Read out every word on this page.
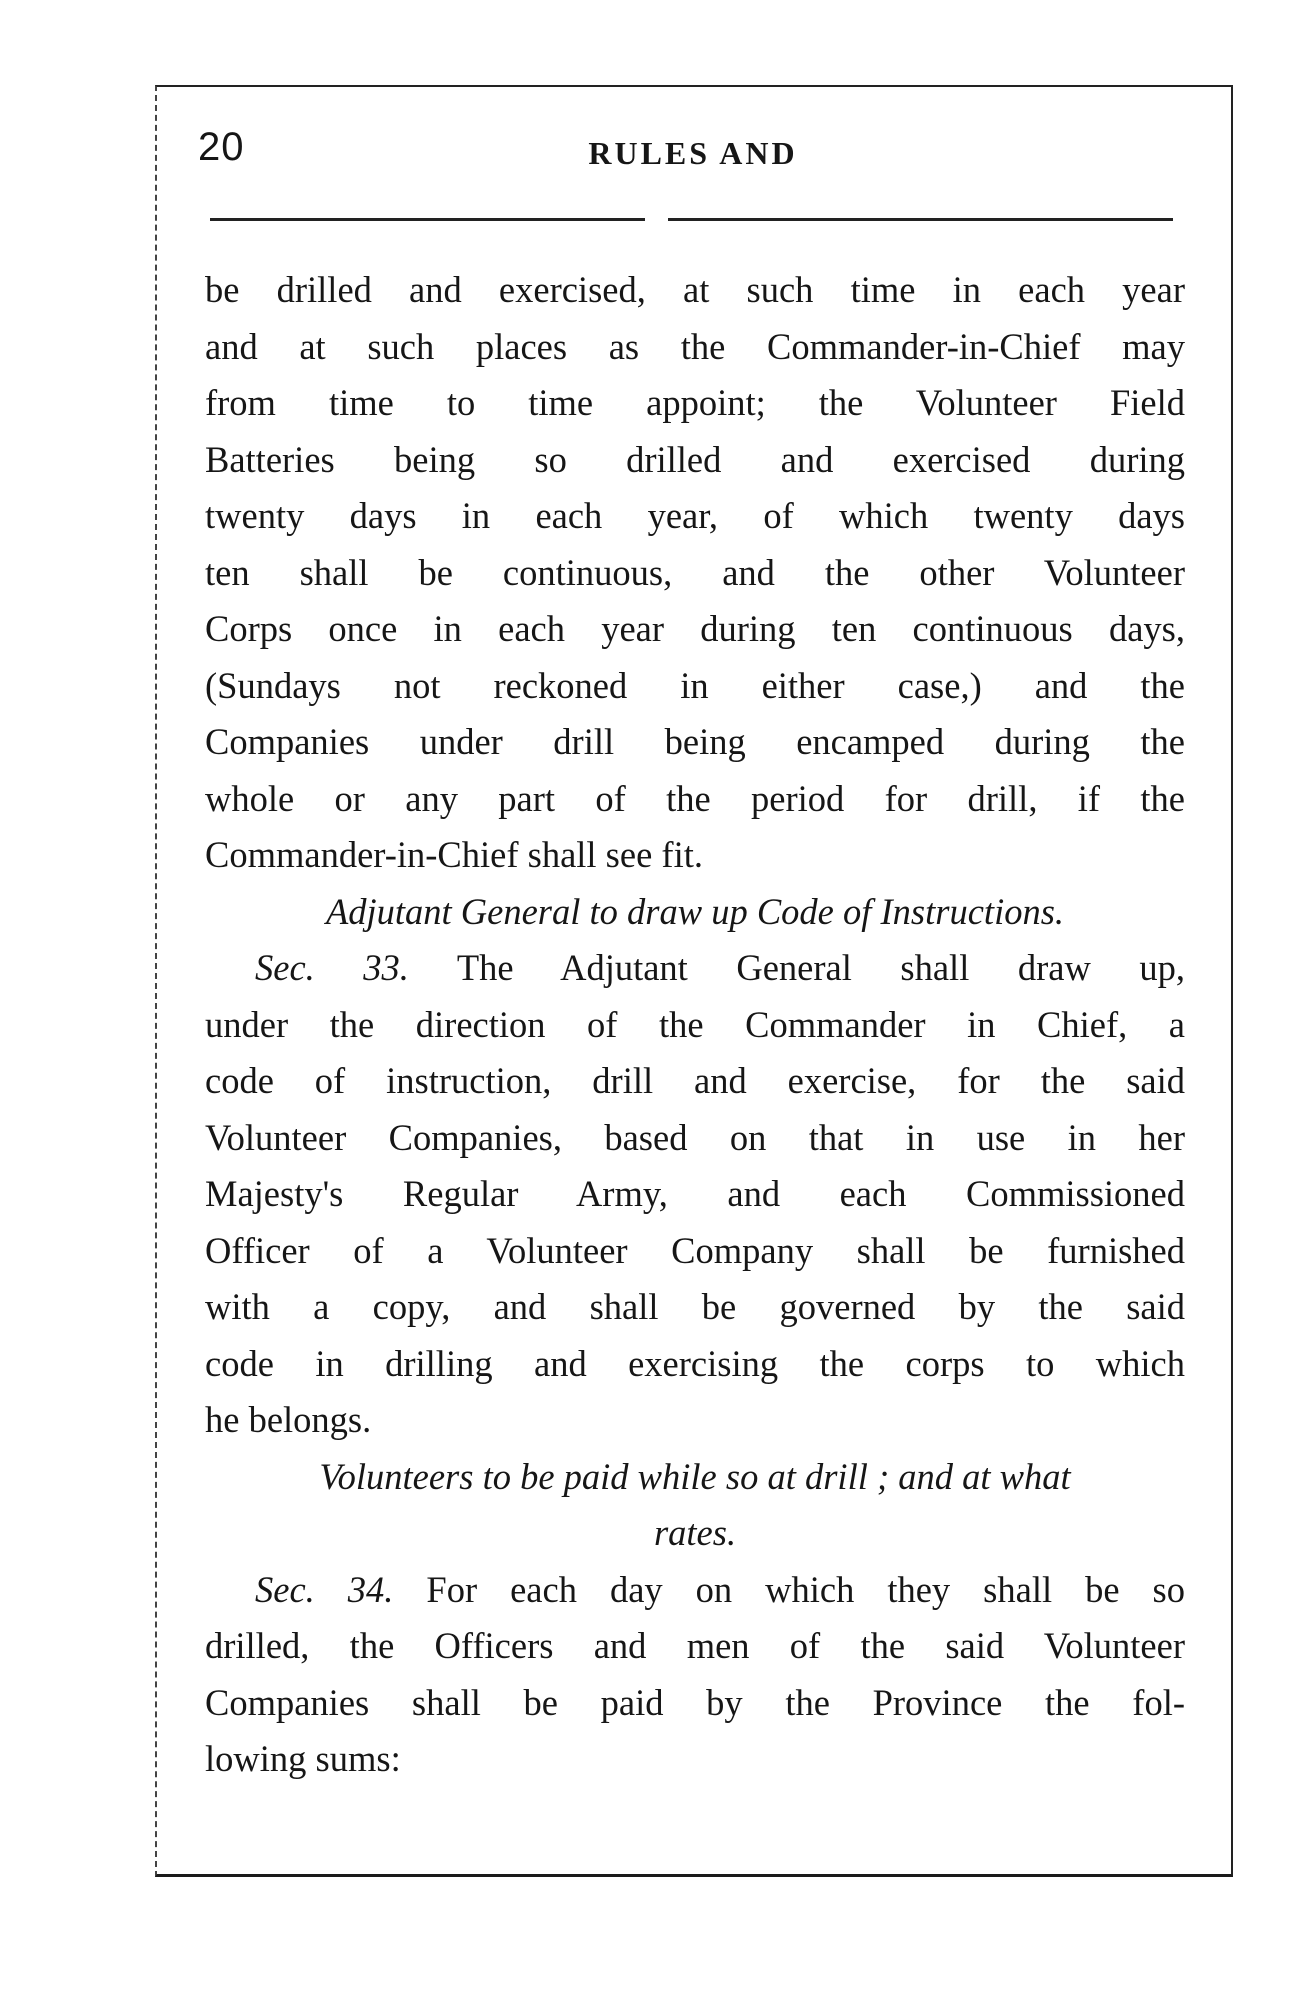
20	RULES AND
be drilled and exercised, at such time in each year
and at such places as the Commander-in-Chief may
from time to time appoint; the Volunteer Field
Batteries being so drilled and exercised during
twenty days in each year, of which twenty days
ten shall be continuous, and the other Volunteer
Corps once in each year during ten continuous days,
(Sundays not reckoned in either case,) and the
Companies under drill being encamped during the
whole or any part of the period for drill, if the
Commander-in-Chief shall see fit.
Adjutant General to draw up Code of Instructions.
Sec. 33. The Adjutant General shall draw up,
under the direction of the Commander in Chief, a
code of instruction, drill and exercise, for the said
Volunteer Companies, based on that in use in her
Majesty's Regular Army, and each Commissioned
Officer of a Volunteer Company shall be furnished
with a copy, and shall be governed by the said
code in drilling and exercising the corps to which
he belongs.
Volunteers to be paid while so at drill ; and at what
rates.
Sec. 34. For each day on which they shall be so
drilled, the Officers and men of the said Volunteer
Companies shall be paid by the Province the fol-
lowing sums:
